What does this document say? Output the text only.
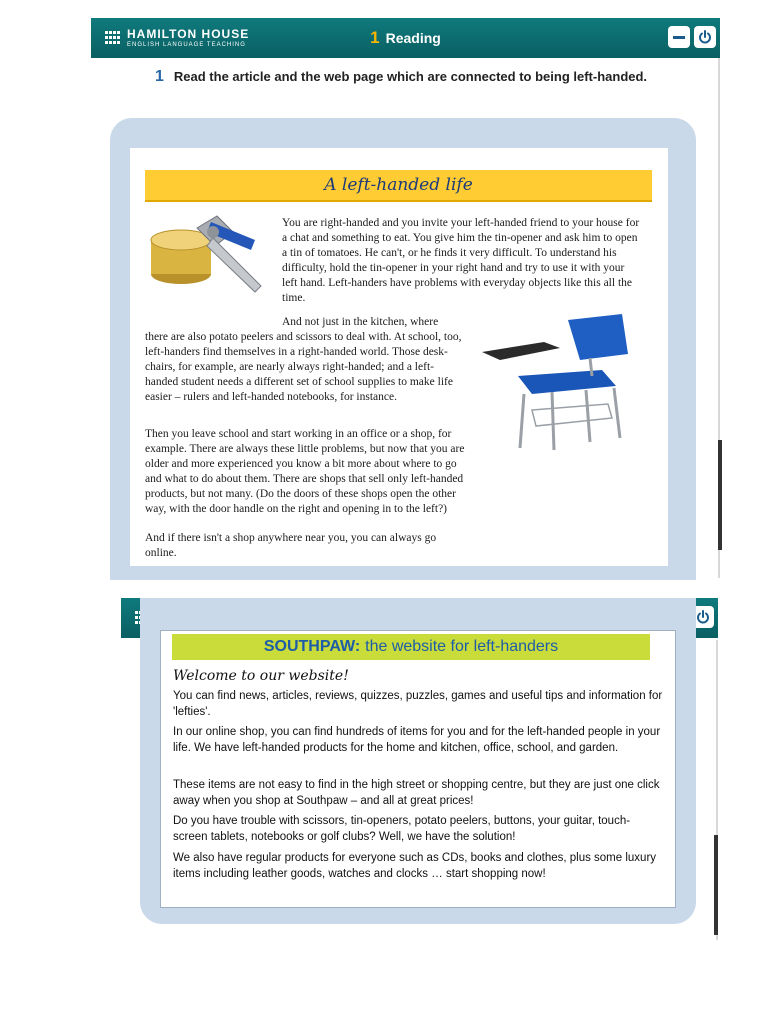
HAMILTON HOUSE
ENGLISH LANGUAGE TEACHING	1 Reading
1 Read the article and the web page which are connected to being left-handed.
A left-handed life

You are right-handed and you invite your left-handed friend to your house for a chat and something to eat. You give him the tin-opener and ask him to open a tin of tomatoes. He can't, or he finds it very difficult. To understand his difficulty, hold the tin-opener in your right hand and try to use it with your left hand. Left-handers have problems with everyday objects like this all the time.

And not just in the kitchen, where

there are also potato peelers and scissors to deal with. At school, too, left-handers find themselves in a right-handed world. Those desk-chairs, for example, are nearly always right-handed; and a left-handed student needs a different set of school supplies to make life easier – rulers and left-handed notebooks, for instance.

Then you leave school and start working in an office or a shop, for example. There are always these little problems, but now that you are older and more experienced you know a bit more about where to go and what to do about them. There are shops that sell only left-handed products, but not many. (Do the doors of these shops open the other way, with the door handle on the right and opening in to the left?)

And if there isn't a shop anywhere near you, you can always go online.

SOUTHPAW: the website for left-handers
Welcome to our website!

You can find news, articles, reviews, quizzes, puzzles, games and useful tips and information for 'lefties'.

In our online shop, you can find hundreds of items for you and for the left-handed people in your life. We have left-handed products for the home and kitchen, office, school, and garden.

These items are not easy to find in the high street or shopping centre, but they are just one click away when you shop at Southpaw – and all at great prices!

Do you have trouble with scissors, tin-openers, potato peelers, buttons, your guitar, touch-screen tablets, notebooks or golf clubs? Well, we have the solution!

We also have regular products for everyone such as CDs, books and clothes, plus some luxury items including leather goods, watches and clocks … start shopping now!
